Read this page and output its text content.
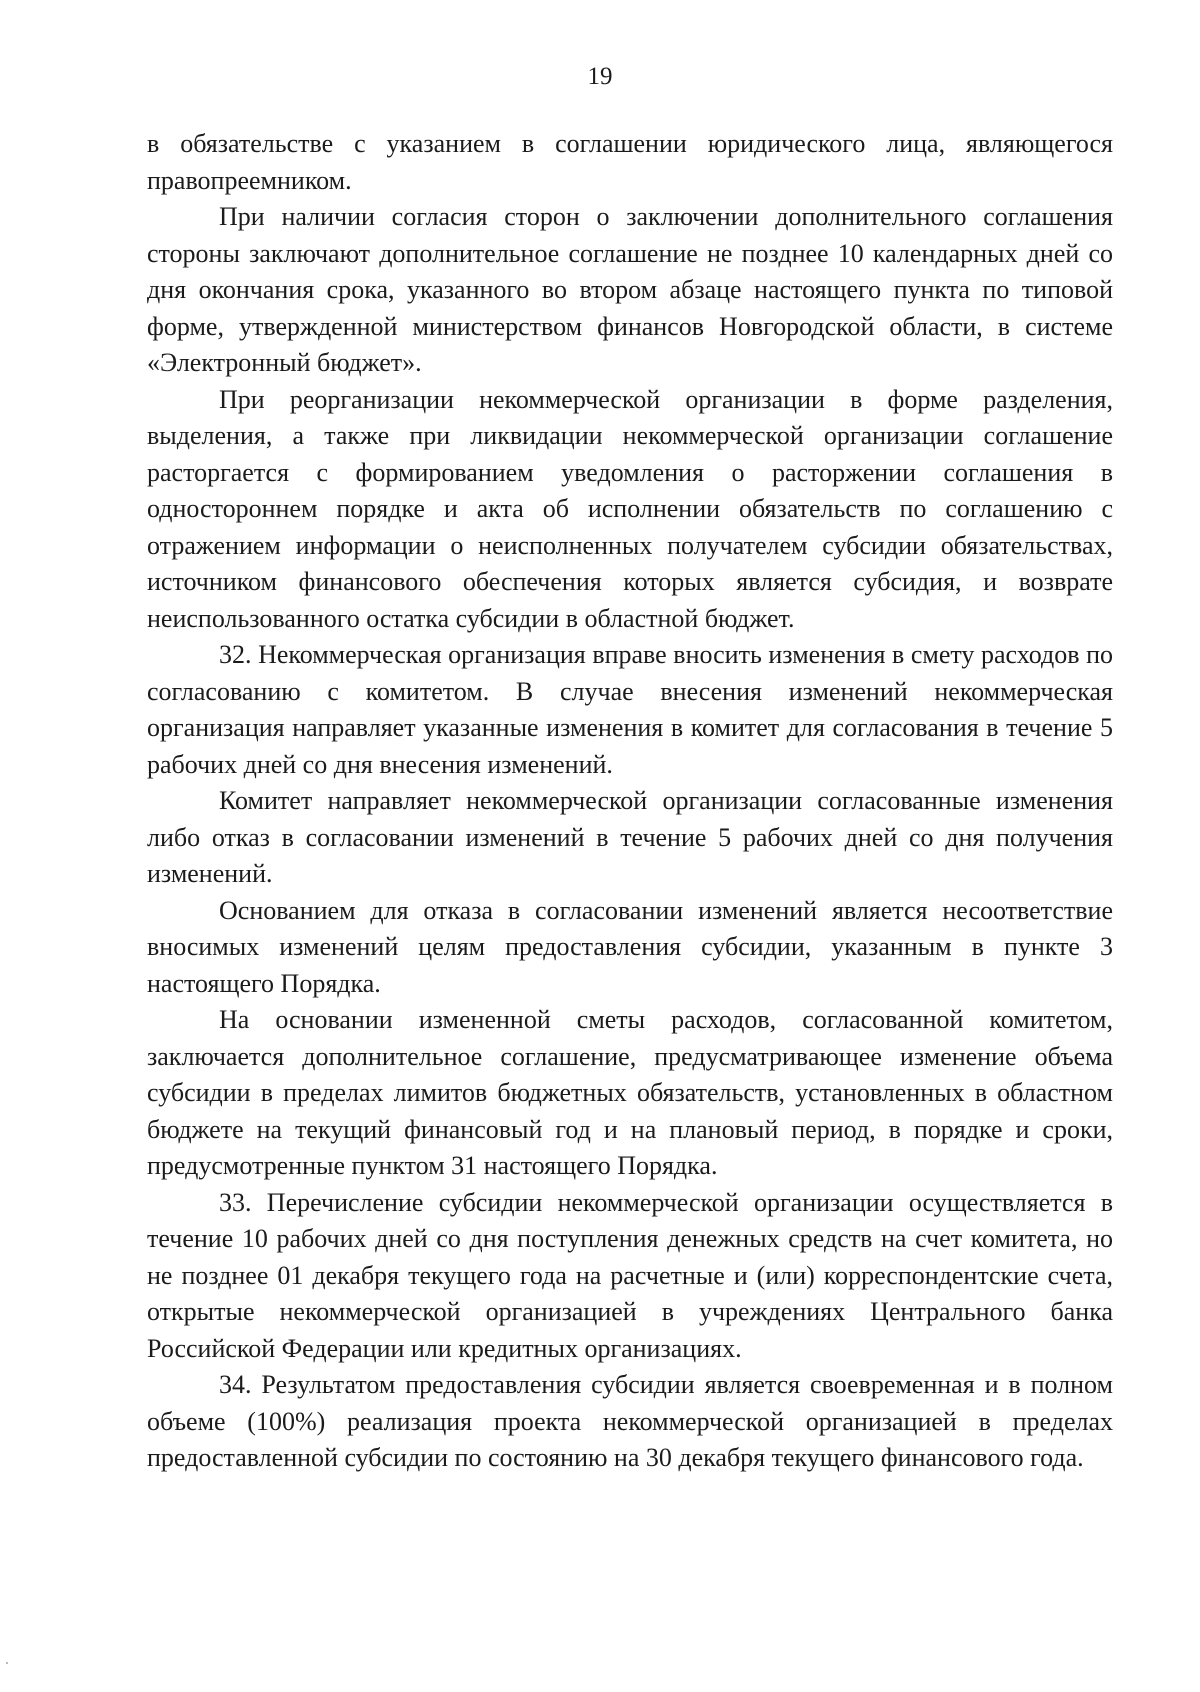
19

в обязательстве с указанием в соглашении юридического лица, являющегося правопреемником.

При наличии согласия сторон о заключении дополнительного соглашения стороны заключают дополнительное соглашение не позднее 10 календарных дней со дня окончания срока, указанного во втором абзаце настоящего пункта по типовой форме, утвержденной министерством финансов Новгородской области, в системе «Электронный бюджет».

При реорганизации некоммерческой организации в форме разделения, выделения, а также при ликвидации некоммерческой организации соглашение расторгается с формированием уведомления о расторжении соглашения в одностороннем порядке и акта об исполнении обязательств по соглашению с отражением информации о неисполненных получателем субсидии обязательствах, источником финансового обеспечения которых является субсидия, и возврате неиспользованного остатка субсидии в областной бюджет.

32. Некоммерческая организация вправе вносить изменения в смету расходов по согласованию с комитетом. В случае внесения изменений некоммерческая организация направляет указанные изменения в комитет для согласования в течение 5 рабочих дней со дня внесения изменений.

Комитет направляет некоммерческой организации согласованные изменения либо отказ в согласовании изменений в течение 5 рабочих дней со дня получения изменений.

Основанием для отказа в согласовании изменений является несоответствие вносимых изменений целям предоставления субсидии, указанным в пункте 3 настоящего Порядка.

На основании измененной сметы расходов, согласованной комитетом, заключается дополнительное соглашение, предусматривающее изменение объема субсидии в пределах лимитов бюджетных обязательств, установленных в областном бюджете на текущий финансовый год и на плановый период, в порядке и сроки, предусмотренные пунктом 31 настоящего Порядка.

33. Перечисление субсидии некоммерческой организации осуществляется в течение 10 рабочих дней со дня поступления денежных средств на счет комитета, но не позднее 01 декабря текущего года на расчетные и (или) корреспондентские счета, открытые некоммерческой организацией в учреждениях Центрального банка Российской Федерации или кредитных организациях.

34. Результатом предоставления субсидии является своевременная и в полном объеме (100%) реализация проекта некоммерческой организацией в пределах предоставленной субсидии по состоянию на 30 декабря текущего финансового года.
